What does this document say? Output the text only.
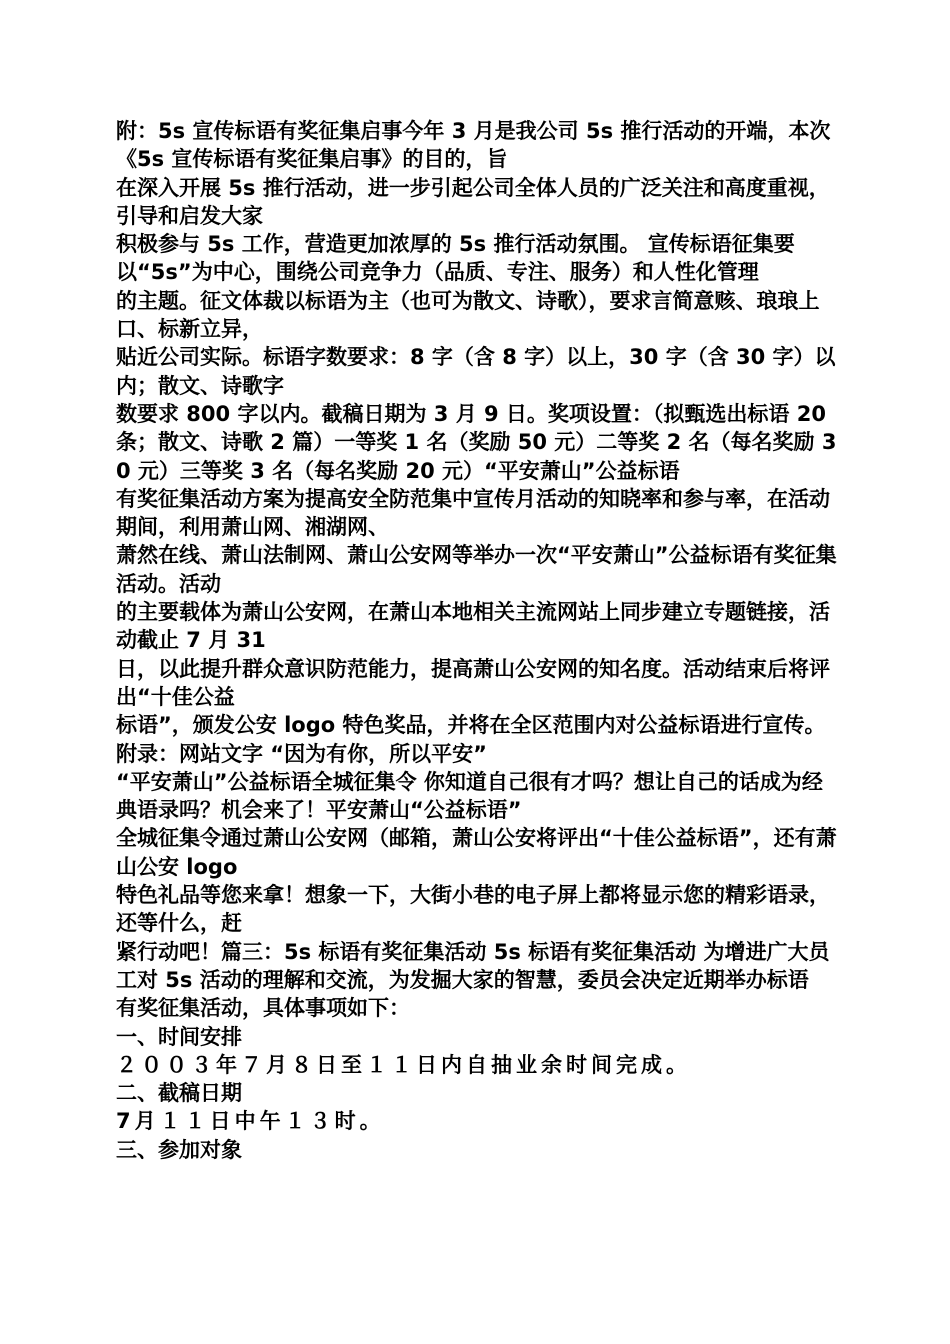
附：5s 宣传标语有奖征集启事今年 3 月是我公司 5s 推行活动的开端，本次《5s 宣传标语有奖征集启事》的目的，旨

在深入开展 5s 推行活动，进一步引起公司全体人员的广泛关注和高度重视，引导和启发大家

积极参与 5s 工作，营造更加浓厚的 5s 推行活动氛围。 宣传标语征集要以“5s”为中心，围绕公司竞争力（品质、专注、服务）和人性化管理

的主题。征文体裁以标语为主（也可为散文、诗歌），要求言简意赅、琅琅上口、标新立异，

贴近公司实际。标语字数要求：8 字（含 8 字）以上，30 字（含 30 字）以内；散文、诗歌字

数要求 800 字以内。截稿日期为 3 月 9 日。奖项设置：（拟甄选出标语 20 条；散文、诗歌 2 篇）一等奖 1 名（奖励 50 元）二等奖 2 名（每名奖励 30 元）三等奖 3 名（每名奖励 20 元）“平安萧山”公益标语

有奖征集活动方案为提高安全防范集中宣传月活动的知晓率和参与率，在活动期间，利用萧山网、湘湖网、

萧然在线、萧山法制网、萧山公安网等举办一次“平安萧山”公益标语有奖征集活动。活动

的主要载体为萧山公安网，在萧山本地相关主流网站上同步建立专题链接，活动截止 7 月 31

日，以此提升群众意识防范能力，提高萧山公安网的知名度。活动结束后将评出“十佳公益

标语”，颁发公安 logo 特色奖品，并将在全区范围内对公益标语进行宣传。 附录：网站文字 “因为有你，所以平安”

“平安萧山”公益标语全城征集令 你知道自己很有才吗？想让自己的话成为经典语录吗？机会来了！平安萧山“公益标语”

全城征集令通过萧山公安网（邮箱，萧山公安将评出“十佳公益标语”，还有萧山公安 logo

特色礼品等您来拿！想象一下，大街小巷的电子屏上都将显示您的精彩语录，还等什么，赶

紧行动吧！篇三：5s 标语有奖征集活动 5s 标语有奖征集活动 为增进广大员工对 5s 活动的理解和交流，为发掘大家的智慧，委员会决定近期举办标语

有奖征集活动，具体事项如下：

一、时间安排

２００３年７月８日至１１日内自抽业余时间完成。

二、截稿日期

7月１１日中午１３时。

三、参加对象
